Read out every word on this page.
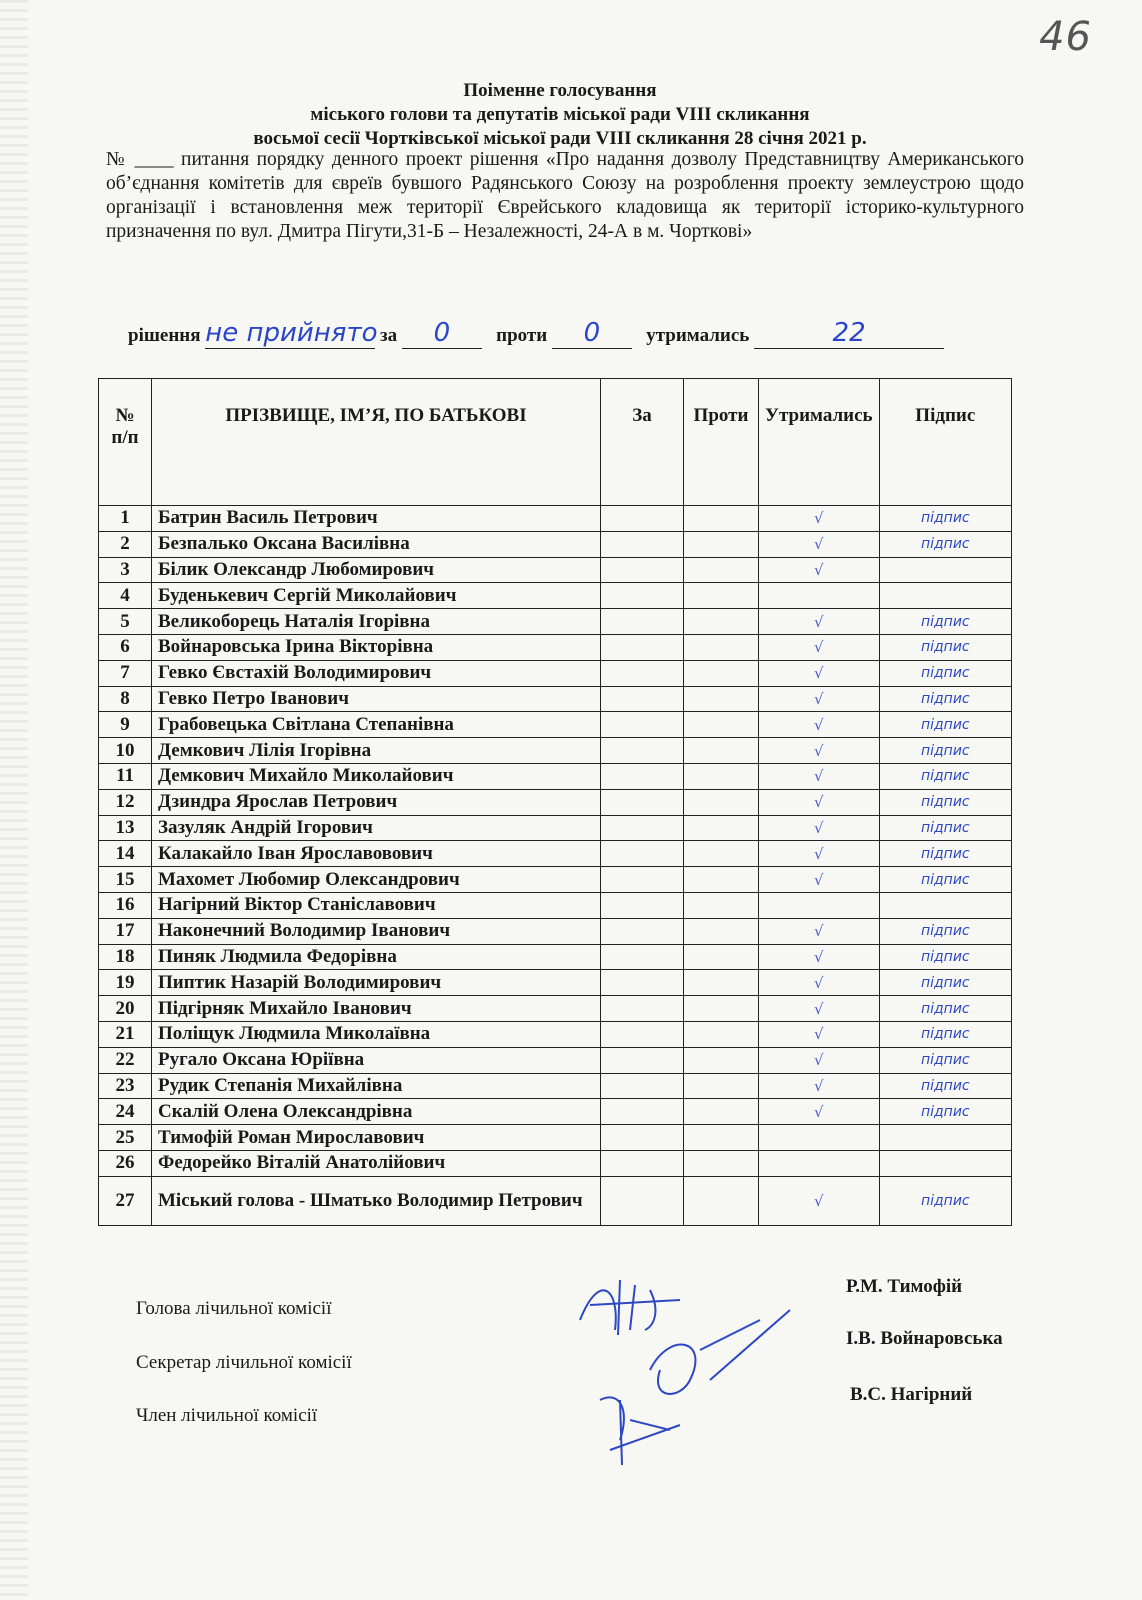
46
Поіменне голосування
міського голови та депутатів міської ради VIII скликання
восьмої сесії Чортківської міської ради VIII скликання 28 січня 2021 р.
№ ____ питання порядку денного проект рішення «Про надання дозволу Представництву Американського об’єднання комітетів для євреїв бувшого Радянського Союзу на розроблення проекту землеустрою щодо організації і встановлення меж території Єврейського кладовища як території історико-культурного призначення по вул. Дмитра Пігути,31-Б – Незалежності, 24-А в м. Чорткові»
рішення не прийнято за 0 проти 0 утримались	22
№ п/п	ПРІЗВИЩЕ, ІМ’Я, ПО БАТЬКОВІ	За	Проти	Утримались	Підпис
1	Батрин Василь Петрович			√	підпис
2	Безпалько Оксана Василівна			√	підпис
3	Білик Олександр Любомирович			√	
4	Буденькевич Сергій Миколайович				
5	Великоборець Наталія Ігорівна			√	підпис
6	Войнаровська Ірина Вікторівна			√	підпис
7	Гевко Євстахій Володимирович			√	підпис
8	Гевко Петро Іванович			√	підпис
9	Грабовецька Світлана Степанівна			√	підпис
10	Демкович Лілія Ігорівна			√	підпис
11	Демкович Михайло Миколайович			√	підпис
12	Дзиндра Ярослав Петрович			√	підпис
13	Зазуляк Андрій Ігорович			√	підпис
14	Калакайло Іван Ярославовович			√	підпис
15	Махомет Любомир Олександрович			√	підпис
16	Нагірний Віктор Станіславович				
17	Наконечний Володимир Іванович			√	підпис
18	Пиняк Людмила Федорівна			√	підпис
19	Пиптик Назарій Володимирович			√	підпис
20	Підгірняк Михайло Іванович			√	підпис
21	Поліщук Людмила Миколаївна			√	підпис
22	Ругало Оксана Юріївна			√	підпис
23	Рудик Степанія Михайлівна			√	підпис
24	Скалій Олена Олександрівна			√	підпис
25	Тимофій Роман Мирославович				
26	Федорейко Віталій Анатолійович				
27	Міський голова - Шматько Володимир Петрович			√	підпис
Голова лічильної комісії
Секретар лічильної комісії
Член лічильної комісії
Р.М. Тимофій
І.В. Войнаровська
В.С. Нагірний
